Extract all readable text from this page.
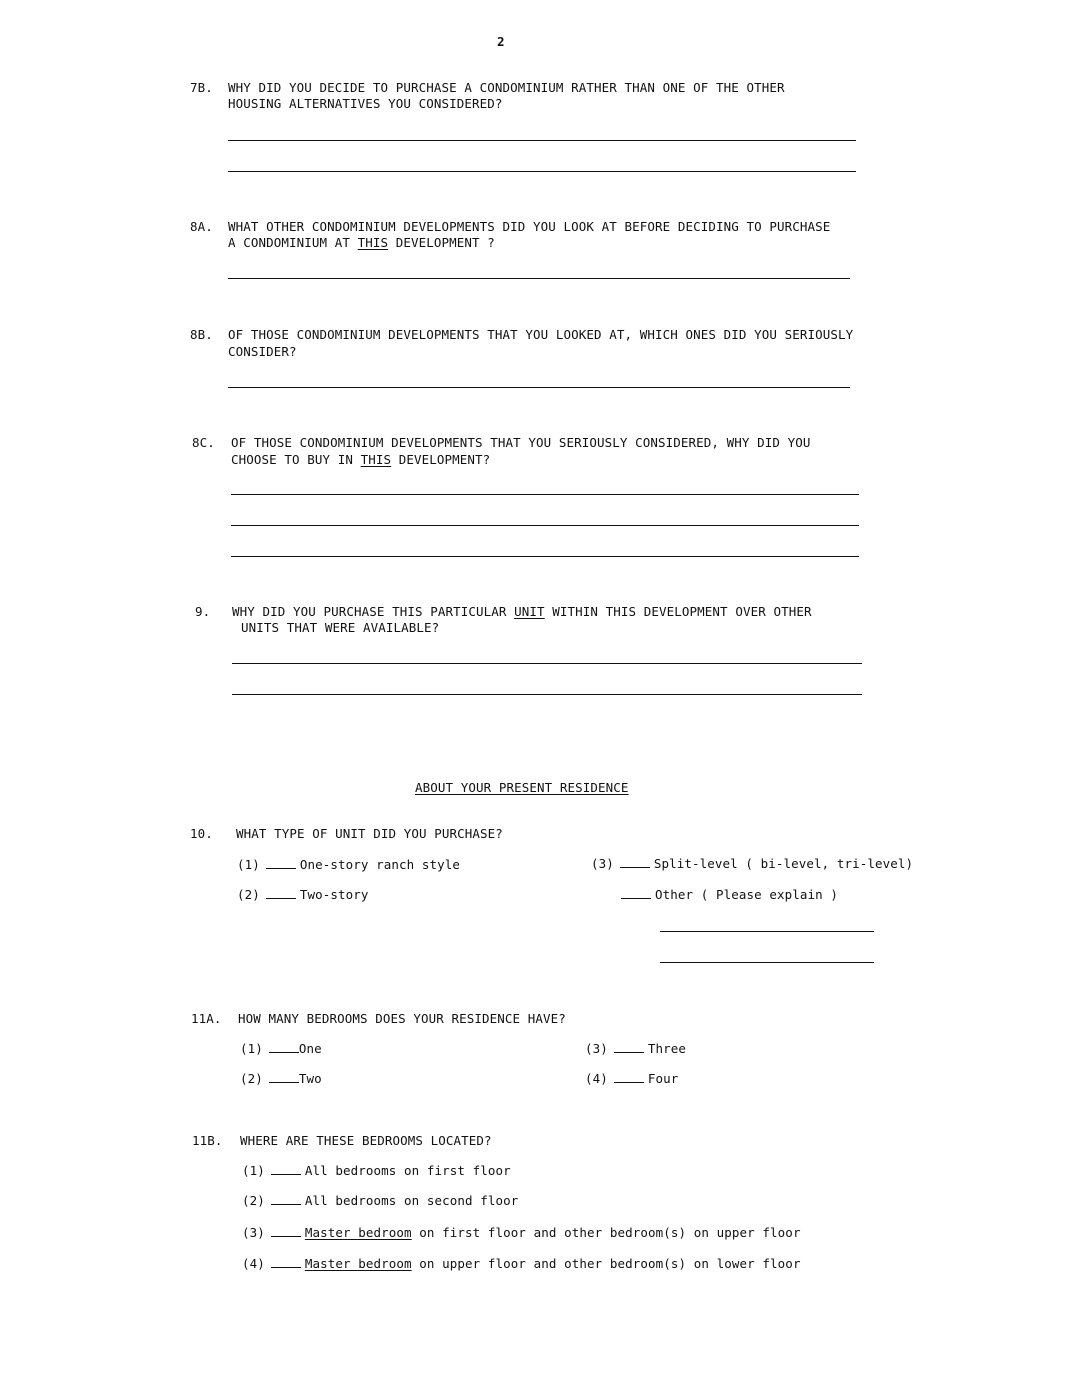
2
7B. WHY DID YOU DECIDE TO PURCHASE A CONDOMINIUM RATHER THAN ONE OF THE OTHER
HOUSING ALTERNATIVES YOU CONSIDERED?
8A. WHAT OTHER CONDOMINIUM DEVELOPMENTS DID YOU LOOK AT BEFORE DECIDING TO PURCHASE
A CONDOMINIUM AT THIS DEVELOPMENT ?
8B. OF THOSE CONDOMINIUM DEVELOPMENTS THAT YOU LOOKED AT, WHICH ONES DID YOU SERIOUSLY
CONSIDER?
8C. OF THOSE CONDOMINIUM DEVELOPMENTS THAT YOU SERIOUSLY CONSIDERED, WHY DID YOU
CHOOSE TO BUY IN THIS DEVELOPMENT?
9. WHY DID YOU PURCHASE THIS PARTICULAR UNIT WITHIN THIS DEVELOPMENT OVER OTHER
UNITS THAT WERE AVAILABLE?
ABOUT YOUR PRESENT RESIDENCE
10. WHAT TYPE OF UNIT DID YOU PURCHASE?
(1)	One-story ranch style
(2)	Two-story
(3)	Split-level ( bi-level, tri-level)
Other ( Please explain )
11A. HOW MANY BEDROOMS DOES YOUR RESIDENCE HAVE?
(1)	One
(2)	Two
(3)	Three
(4)	Four
11B. WHERE ARE THESE BEDROOMS LOCATED?
(1)	All bedrooms on first floor
(2)	All bedrooms on second floor
(3)	Master bedroom on first floor and other bedroom(s) on upper floor
(4)	Master bedroom on upper floor and other bedroom(s) on lower floor
